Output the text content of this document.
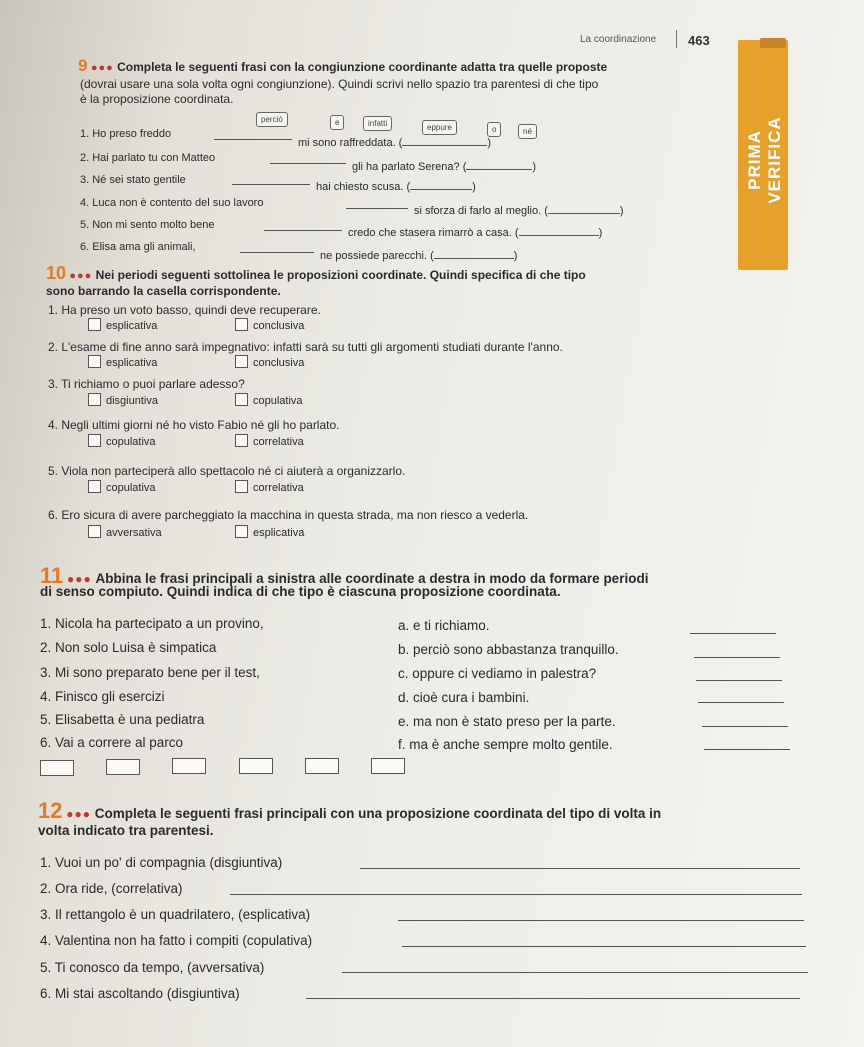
La coordinazione 463
PRIMA VERIFICA
9 ●●● Completa le seguenti frasi con la congiunzione coordinante adatta tra quelle proposte
(dovrai usare una sola volta ogni congiunzione). Quindi scrivi nello spazio tra parentesi di che tipo
è la proposizione coordinata.
perciò	e	infatti	eppure	o	né
1. Ho preso freddo
mi sono raffreddata. (	)
2. Hai parlato tu con Matteo
gli ha parlato Serena? (	)
3. Né sei stato gentile
hai chiesto scusa. (	)
4. Luca non è contento del suo lavoro
si sforza di farlo al meglio. (	)
5. Non mi sento molto bene
credo che stasera rimarrò a casa. (	)
6. Elisa ama gli animali,
ne possiede parecchi. (	)
10 ●●● Nei periodi seguenti sottolinea le proposizioni coordinate. Quindi specifica di che tipo
sono barrando la casella corrispondente.
1. Ha preso un voto basso, quindi deve recuperare.
esplicativa	conclusiva
2. L'esame di fine anno sarà impegnativo: infatti sarà su tutti gli argomenti studiati durante l'anno.
esplicativa	conclusiva
3. Ti richiamo o puoi parlare adesso?
disgiuntiva	copulativa
4. Negli ultimi giorni né ho visto Fabio né gli ho parlato.
copulativa	correlativa
5. Viola non parteciperà allo spettacolo né ci aiuterà a organizzarlo.
copulativa	correlativa
6. Ero sicura di avere parcheggiato la macchina in questa strada, ma non riesco a vederla.
avversativa	esplicativa
11 ●●● Abbina le frasi principali a sinistra alle coordinate a destra in modo da formare periodi
di senso compiuto. Quindi indica di che tipo è ciascuna proposizione coordinata.
1. Nicola ha partecipato a un provino,
2. Non solo Luisa è simpatica
3. Mi sono preparato bene per il test,
4. Finisco gli esercizi
5. Elisabetta è una pediatra
6. Vai a correre al parco
a. e ti richiamo.
b. perciò sono abbastanza tranquillo.
c. oppure ci vediamo in palestra?
d. cioè cura i bambini.
e. ma non è stato preso per la parte.
f. ma è anche sempre molto gentile.
12 ●●● Completa le seguenti frasi principali con una proposizione coordinata del tipo di volta in
volta indicato tra parentesi.
1. Vuoi un po' di compagnia (disgiuntiva)
2. Ora ride, (correlativa)
3. Il rettangolo è un quadrilatero, (esplicativa)
4. Valentina non ha fatto i compiti (copulativa)
5. Ti conosco da tempo, (avversativa)
6. Mi stai ascoltando (disgiuntiva)
